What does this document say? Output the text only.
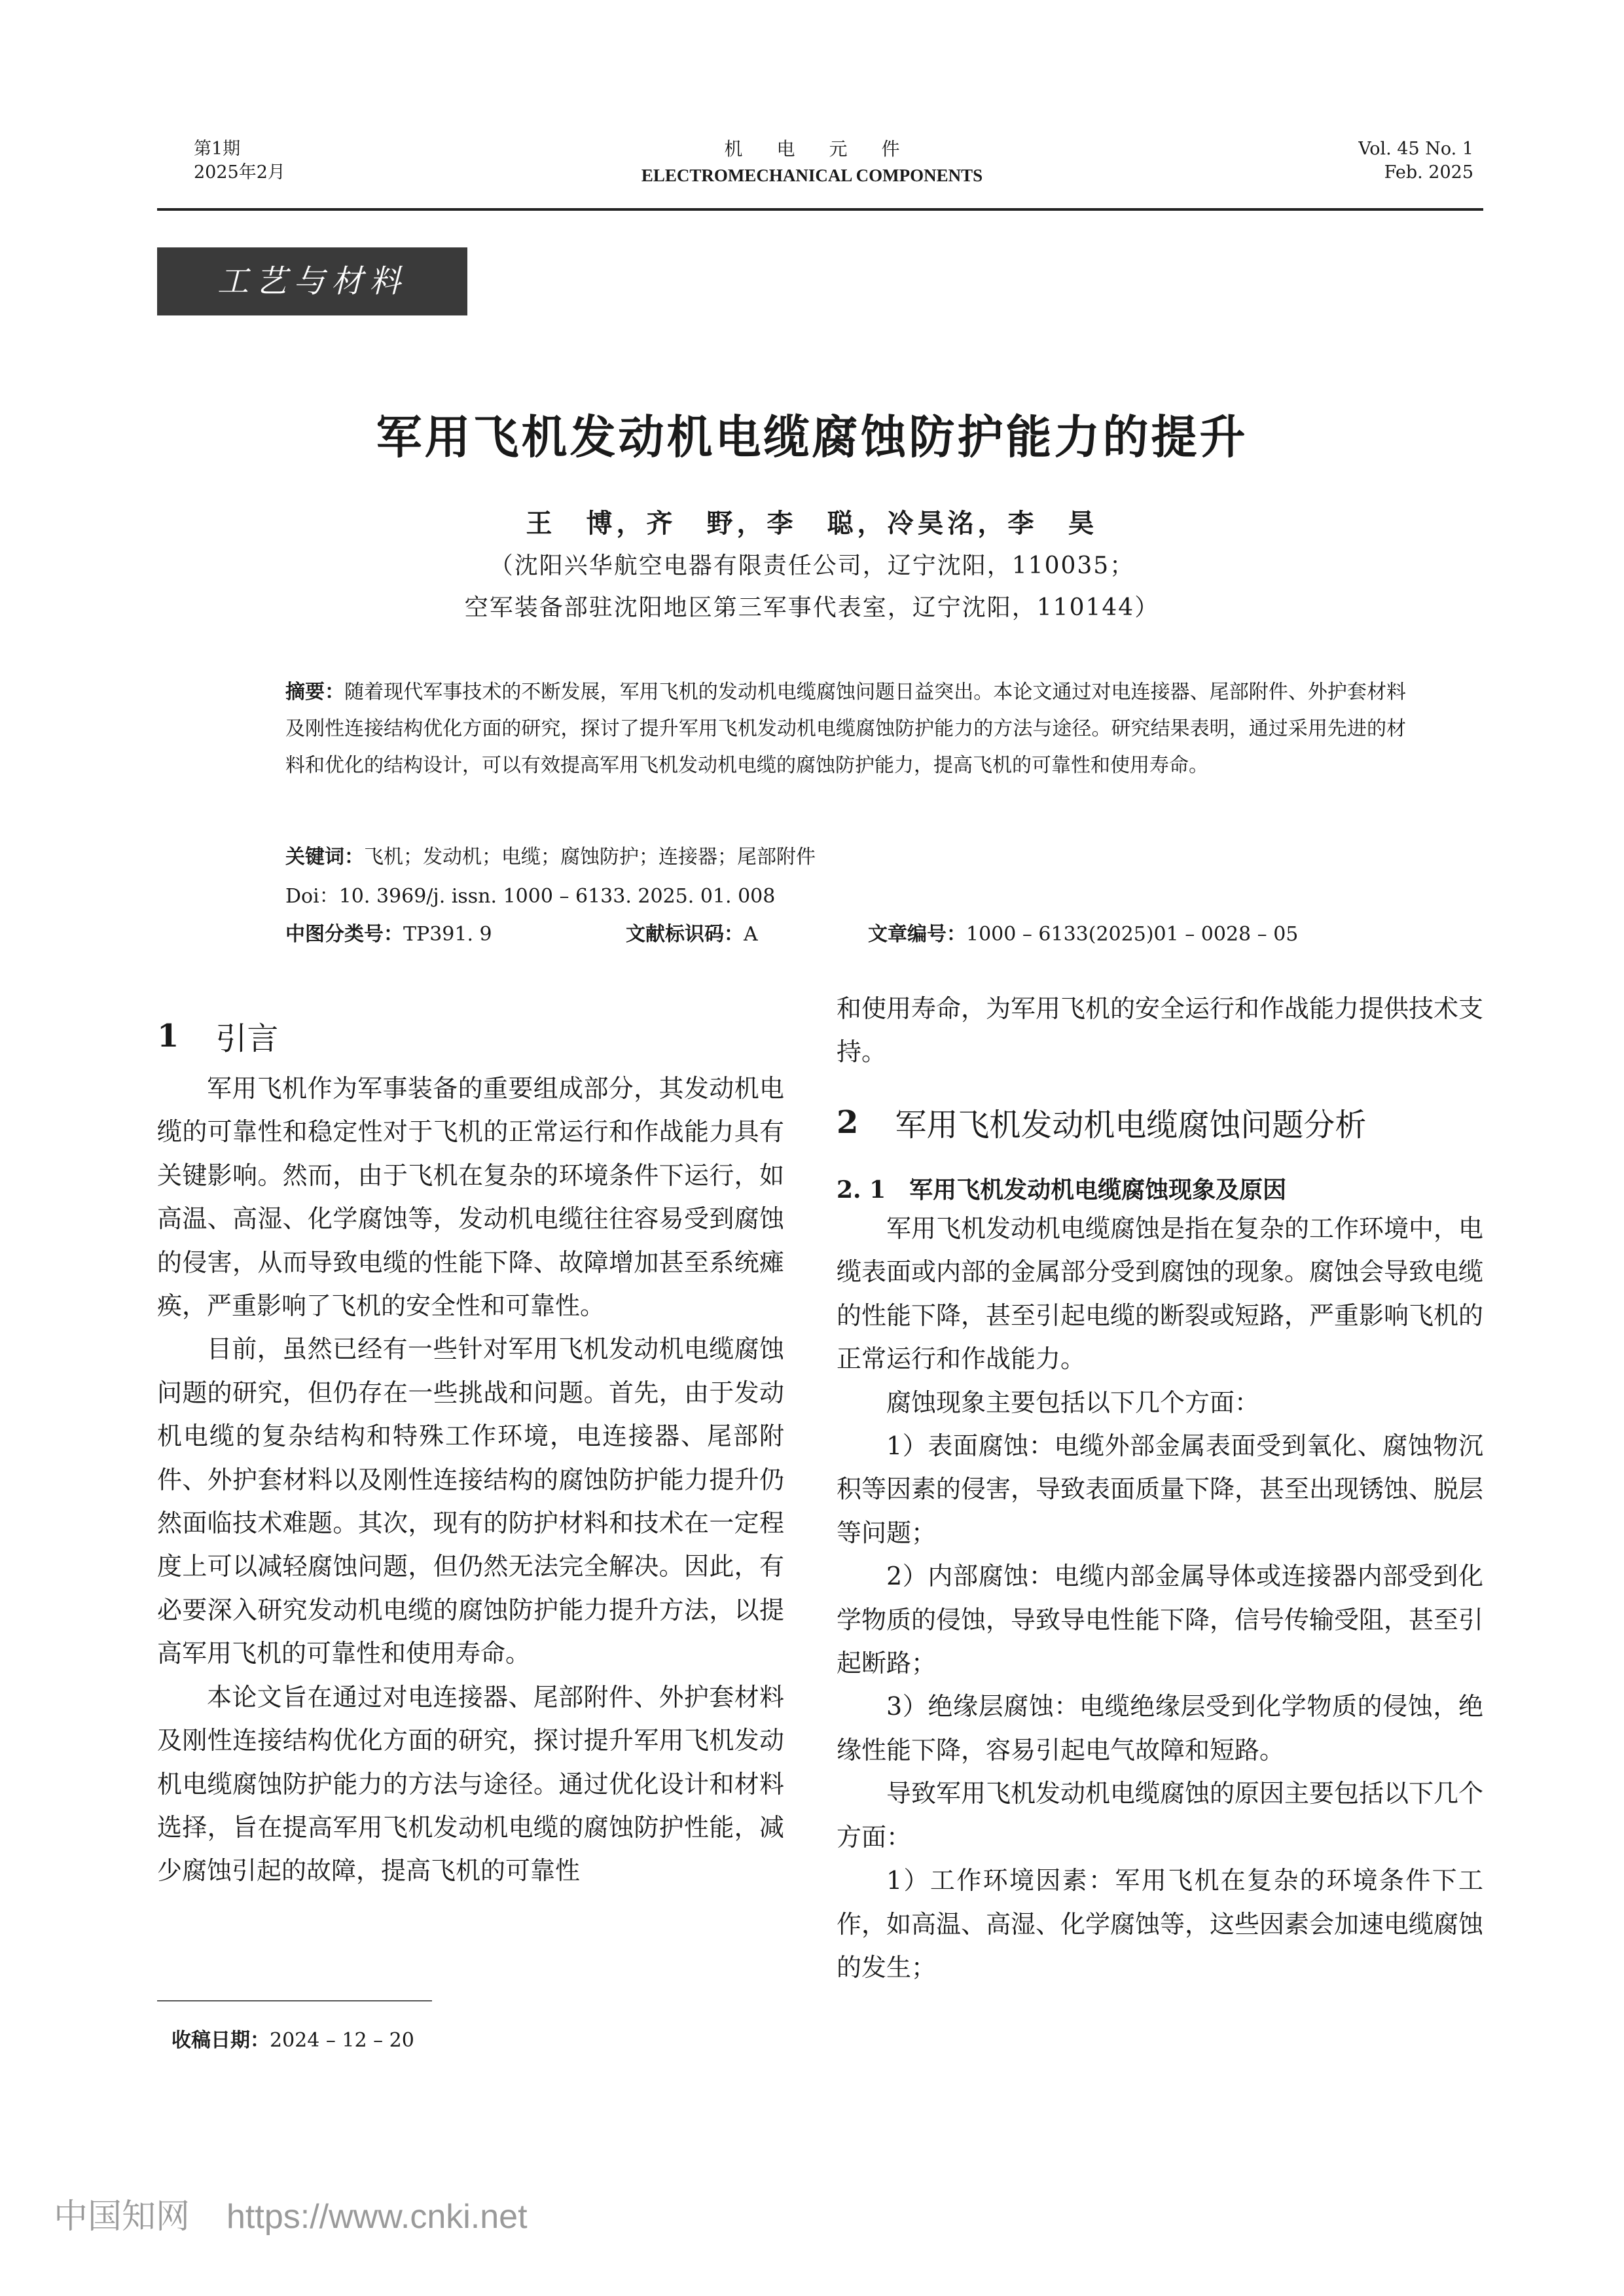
第1期
2025年2月
机电元件
ELECTROMECHANICAL COMPONENTS
Vol. 45 No. 1
Feb. 2025
工艺与材料
军用飞机发动机电缆腐蚀防护能力的提升
王　博，齐　野，李　聪，冷昊洺，李　昊
（沈阳兴华航空电器有限责任公司，辽宁沈阳，110035；
空军装备部驻沈阳地区第三军事代表室，辽宁沈阳，110144）
摘要：随着现代军事技术的不断发展，军用飞机的发动机电缆腐蚀问题日益突出。本论文通过对电连接器、尾部附件、外护套材料及刚性连接结构优化方面的研究，探讨了提升军用飞机发动机电缆腐蚀防护能力的方法与途径。研究结果表明，通过采用先进的材料和优化的结构设计，可以有效提高军用飞机发动机电缆的腐蚀防护能力，提高飞机的可靠性和使用寿命。
关键词：飞机；发动机；电缆；腐蚀防护；连接器；尾部附件
Doi：10. 3969/j. issn. 1000 – 6133. 2025. 01. 008
中图分类号：TP391. 9	文献标识码：A	文章编号：1000 – 6133(2025)01 – 0028 – 05
1 引言

军用飞机作为军事装备的重要组成部分，其发动机电缆的可靠性和稳定性对于飞机的正常运行和作战能力具有关键影响。然而，由于飞机在复杂的环境条件下运行，如高温、高湿、化学腐蚀等，发动机电缆往往容易受到腐蚀的侵害，从而导致电缆的性能下降、故障增加甚至系统瘫痪，严重影响了飞机的安全性和可靠性。

目前，虽然已经有一些针对军用飞机发动机电缆腐蚀问题的研究，但仍存在一些挑战和问题。首先，由于发动机电缆的复杂结构和特殊工作环境，电连接器、尾部附件、外护套材料以及刚性连接结构的腐蚀防护能力提升仍然面临技术难题。其次，现有的防护材料和技术在一定程度上可以减轻腐蚀问题，但仍然无法完全解决。因此，有必要深入研究发动机电缆的腐蚀防护能力提升方法，以提高军用飞机的可靠性和使用寿命。

本论文旨在通过对电连接器、尾部附件、外护套材料及刚性连接结构优化方面的研究，探讨提升军用飞机发动机电缆腐蚀防护能力的方法与途径。通过优化设计和材料选择，旨在提高军用飞机发动机电缆的腐蚀防护性能，减少腐蚀引起的故障，提高飞机的可靠性

和使用寿命，为军用飞机的安全运行和作战能力提供技术支持。

2 军用飞机发动机电缆腐蚀问题分析
2. 1 军用飞机发动机电缆腐蚀现象及原因

军用飞机发动机电缆腐蚀是指在复杂的工作环境中，电缆表面或内部的金属部分受到腐蚀的现象。腐蚀会导致电缆的性能下降，甚至引起电缆的断裂或短路，严重影响飞机的正常运行和作战能力。

腐蚀现象主要包括以下几个方面：

1）表面腐蚀：电缆外部金属表面受到氧化、腐蚀物沉积等因素的侵害，导致表面质量下降，甚至出现锈蚀、脱层等问题；

2）内部腐蚀：电缆内部金属导体或连接器内部受到化学物质的侵蚀，导致导电性能下降，信号传输受阻，甚至引起断路；

3）绝缘层腐蚀：电缆绝缘层受到化学物质的侵蚀，绝缘性能下降，容易引起电气故障和短路。

导致军用飞机发动机电缆腐蚀的原因主要包括以下几个方面：

1）工作环境因素：军用飞机在复杂的环境条件下工作，如高温、高湿、化学腐蚀等，这些因素会加速电缆腐蚀的发生；

收稿日期：2024 – 12 – 20
中国知网 https://www.cnki.net
